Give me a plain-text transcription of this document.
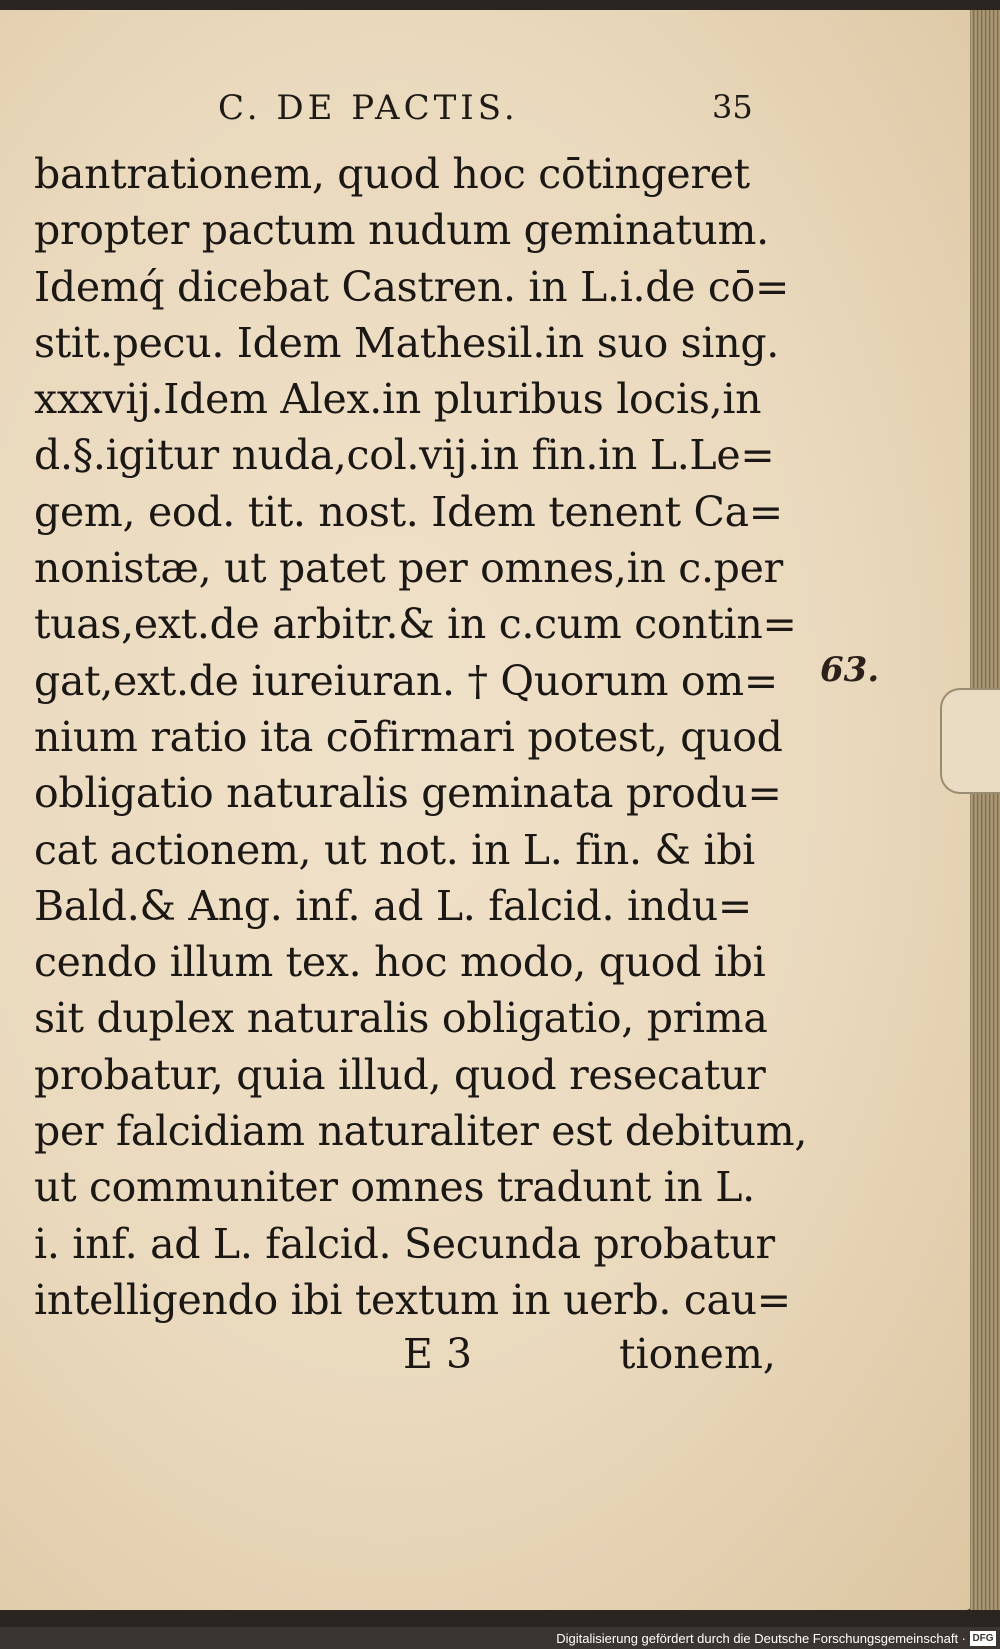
C. DE PACTIS.	35
bantrationem, quod hoc cōtingeret
propter pactum nudum geminatum.
Idemq́ dicebat Castren. in L.i.de cō=
stit.pecu. Idem Mathesil.in suo sing.
xxxvij.Idem Alex.in pluribus locis,in
d.§.igitur nuda,col.vij.in fin.in L.Le=
gem, eod. tit. nost. Idem tenent Ca=
nonistæ, ut patet per omnes,in c.per
tuas,ext.de arbitr.& in c.cum contin=
gat,ext.de iureiuran. † Quorum om=
nium ratio ita cōfirmari potest, quod
obligatio naturalis geminata produ=
cat actionem, ut not. in L. fin. & ibi
Bald.& Ang. inf. ad L. falcid. indu=
cendo illum tex. hoc modo, quod ibi
sit duplex naturalis obligatio, prima
probatur, quia illud, quod resecatur
per falcidiam naturaliter est debitum,
ut communiter omnes tradunt in L.
i. inf. ad L. falcid. Secunda probatur
intelligendo ibi textum in uerb. cau=
E 3	tionem,
63.
Digitalisierung gefördert durch die Deutsche Forschungsgemeinschaft · DFG
